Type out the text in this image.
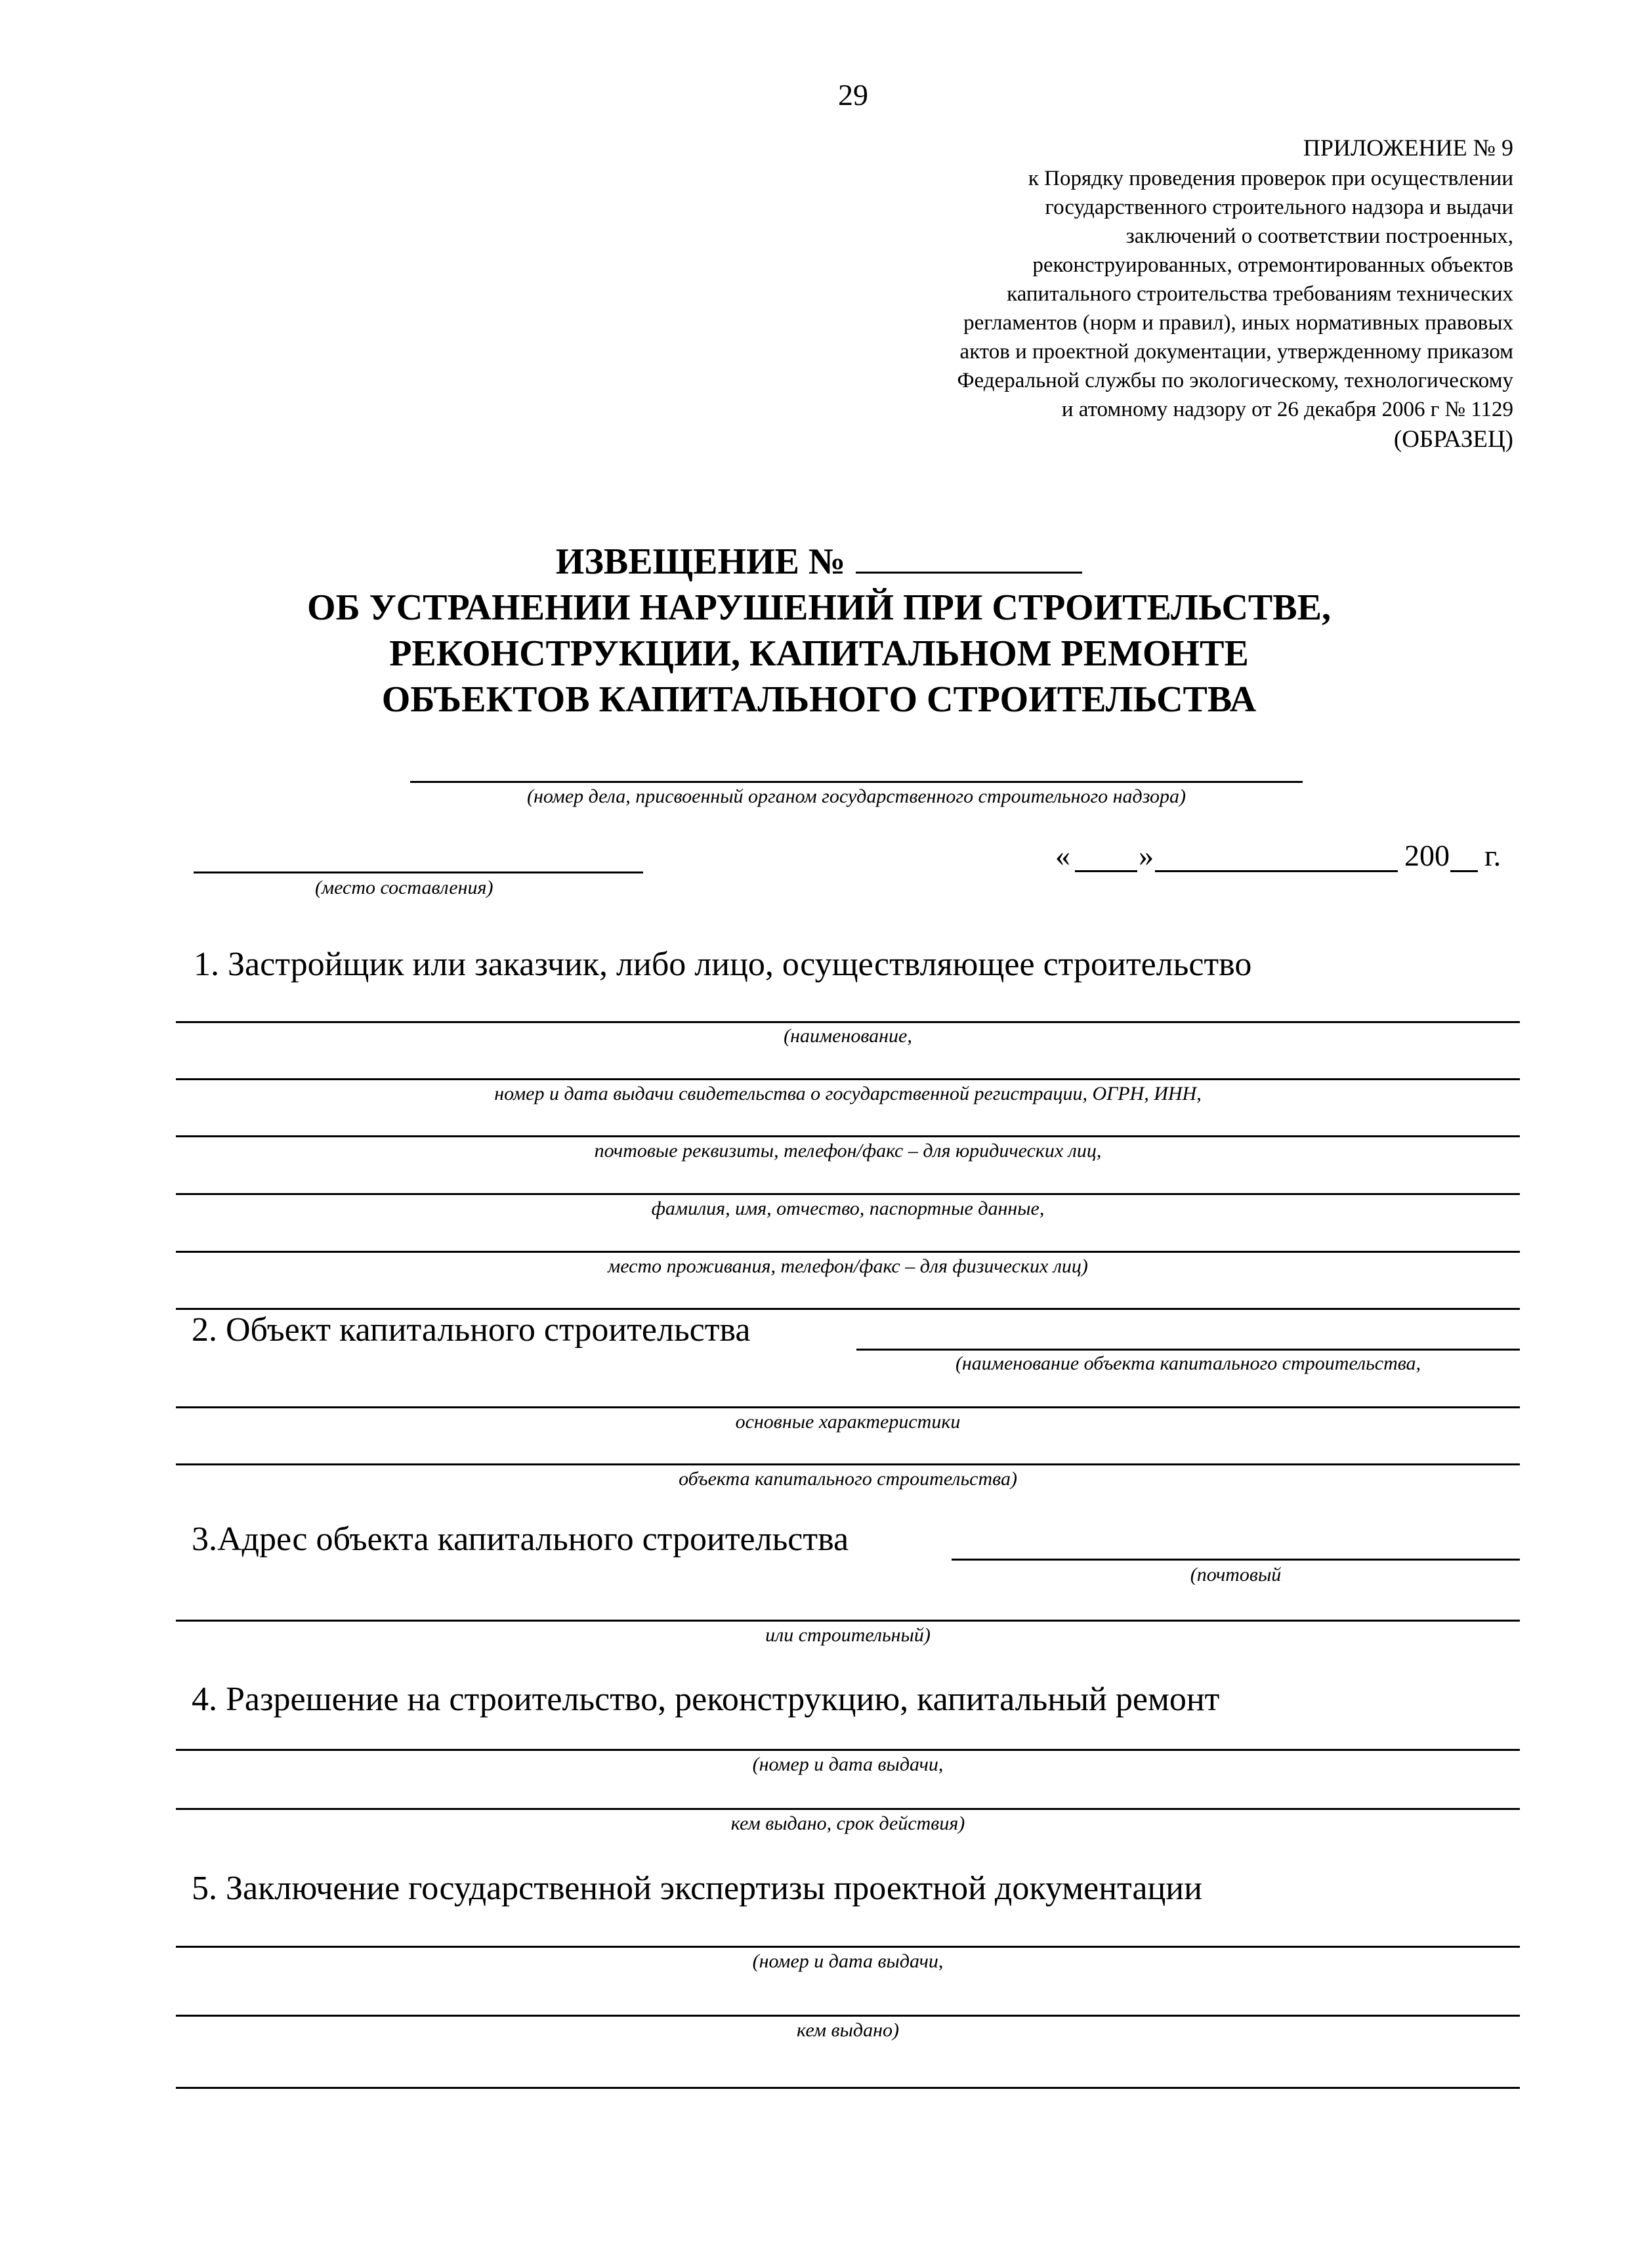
29
ПРИЛОЖЕНИЕ № 9
к Порядку проведения проверок при осуществлении
государственного строительного надзора и выдачи
заключений о соответствии построенных,
реконструированных, отремонтированных объектов
капитального строительства требованиям технических
регламентов (норм и правил), иных нормативных правовых
актов и проектной документации, утвержденному приказом
Федеральной службы по экологическому, технологическому
и атомному надзору от 26 декабря 2006 г № 1129
(ОБРАЗЕЦ)
ИЗВЕЩЕНИЕ №
ОБ УСТРАНЕНИИ НАРУШЕНИЙ ПРИ СТРОИТЕЛЬСТВЕ,
РЕКОНСТРУКЦИИ, КАПИТАЛЬНОМ РЕМОНТЕ
ОБЪЕКТОВ КАПИТАЛЬНОГО СТРОИТЕЛЬСТВА
(номер дела, присвоенный органом государственного строительного надзора)
(место составления)
« »	200 г.
1. Застройщик или заказчик, либо лицо, осуществляющее строительство
(наименование,
номер и дата выдачи свидетельства о государственной регистрации, ОГРН, ИНН,
почтовые реквизиты, телефон/факс – для юридических лиц,
фамилия, имя, отчество, паспортные данные,
место проживания, телефон/факс – для физических лиц)
2. Объект капитального строительства
(наименование объекта капитального строительства,
основные характеристики
объекта капитального строительства)
3.Адрес объекта капитального строительства
(почтовый
или строительный)
4. Разрешение на строительство, реконструкцию, капитальный ремонт
(номер и дата выдачи,
кем выдано, срок действия)
5. Заключение государственной экспертизы проектной документации
(номер и дата выдачи,
кем выдано)
